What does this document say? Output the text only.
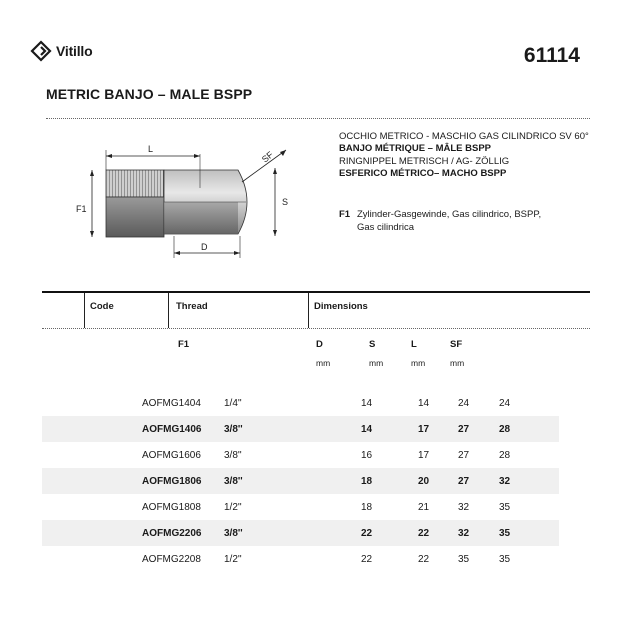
Vitillo	61114
METRIC BANJO – MALE BSPP
L
SF
S
F1
D
OCCHIO METRICO - MASCHIO GAS CILINDRICO SV 60°
BANJO MÉTRIQUE – MÂLE BSPP
RINGNIPPEL METRISCH / AG- ZÖLLIG
ESFERICO MÉTRICO– MACHO BSPP
F1 Zylinder-Gasgewinde, Gas cilindrico, BSPP,
Gas cilindrica
Code	Thread	Dimensions
F1	D	S	L	SF
mm	mm	mm	mm
	AOFMG1404	1/4''	14	14	24	24
	AOFMG1406	3/8''	14	17	27	28
	AOFMG1606	3/8''	16	17	27	28
	AOFMG1806	3/8''	18	20	27	32
	AOFMG1808	1/2''	18	21	32	35
	AOFMG2206	3/8''	22	22	32	35
	AOFMG2208	1/2''	22	22	35	35
